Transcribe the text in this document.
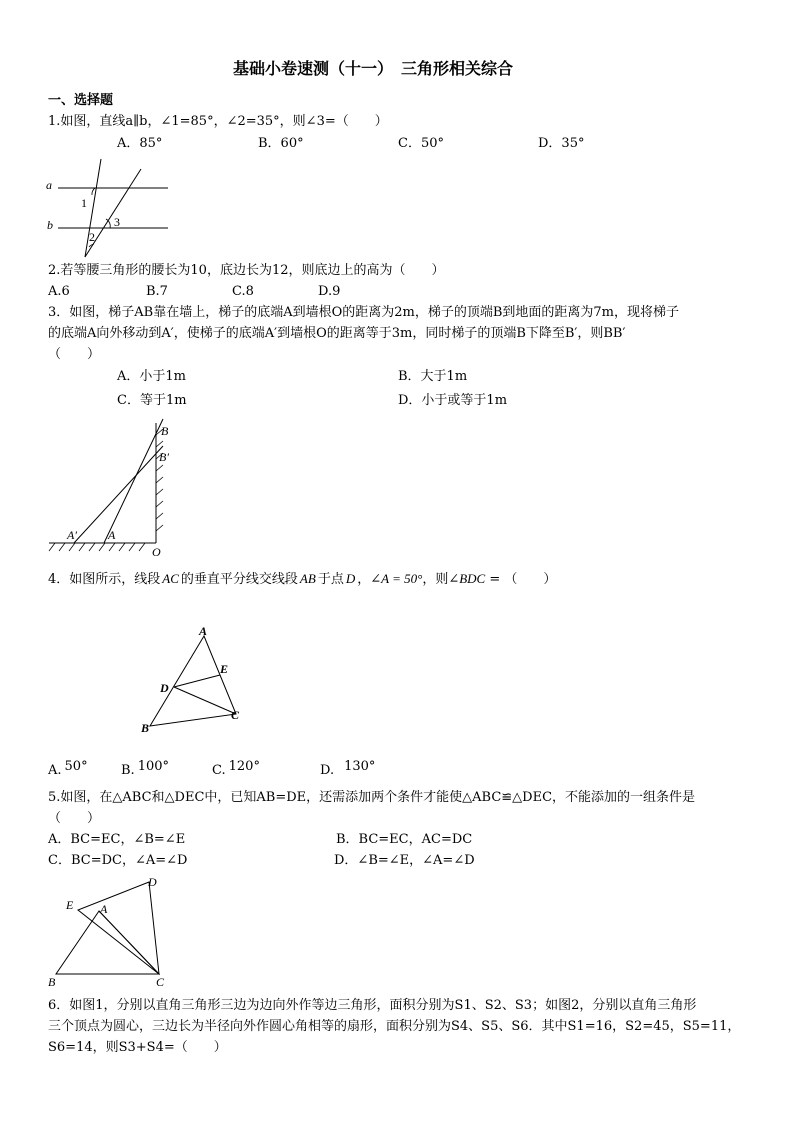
基础小卷速测（十一）　三角形相关综合
一、选择题
1.如图，直线a∥b，∠1=85°，∠2=35°，则∠3=（　　）
A．85°	B．60°	C．50°	D．35°
a
b
1
2
3
2.若等腰三角形的腰长为10，底边长为12，则底边上的高为（　　）
A.6	B.7	C.8	D.9
3．如图，梯子AB靠在墙上，梯子的底端A到墙根O的距离为2m，梯子的顶端B到地面的距离为7m，现将梯子
的底端A向外移动到A′，使梯子的底端A′到墙根O的距离等于3m，同时梯子的顶端B下降至B′，则BB′
（　　）
A．小于1m	B．大于1m
C．等于1m	D．小于或等于1m
B
B′
A
A′
O
4．如图所示，线段 AC 的垂直平分线交线段 AB 于点 D ，∠A = 50°，则∠BDC = （　　）
A
E
D
C
B
A. 50°	B. 100°	C. 120°	D. 130°
5.如图，在△ABC和△DEC中，已知AB=DE，还需添加两个条件才能使△ABC≌△DEC，不能添加的一组条件是
（　　）
A．BC=EC，∠B=∠E	B．BC=EC，AC=DC
C．BC=DC，∠A=∠D	D．∠B=∠E，∠A=∠D
D
E A
B	C
6．如图1，分别以直角三角形三边为边向外作等边三角形，面积分别为S1、S2、S3；如图2，分别以直角三角形
三个顶点为圆心，三边长为半径向外作圆心角相等的扇形，面积分别为S4、S5、S6．其中S1=16，S2=45，S5=11，
S6=14，则S3+S4=（　　）
